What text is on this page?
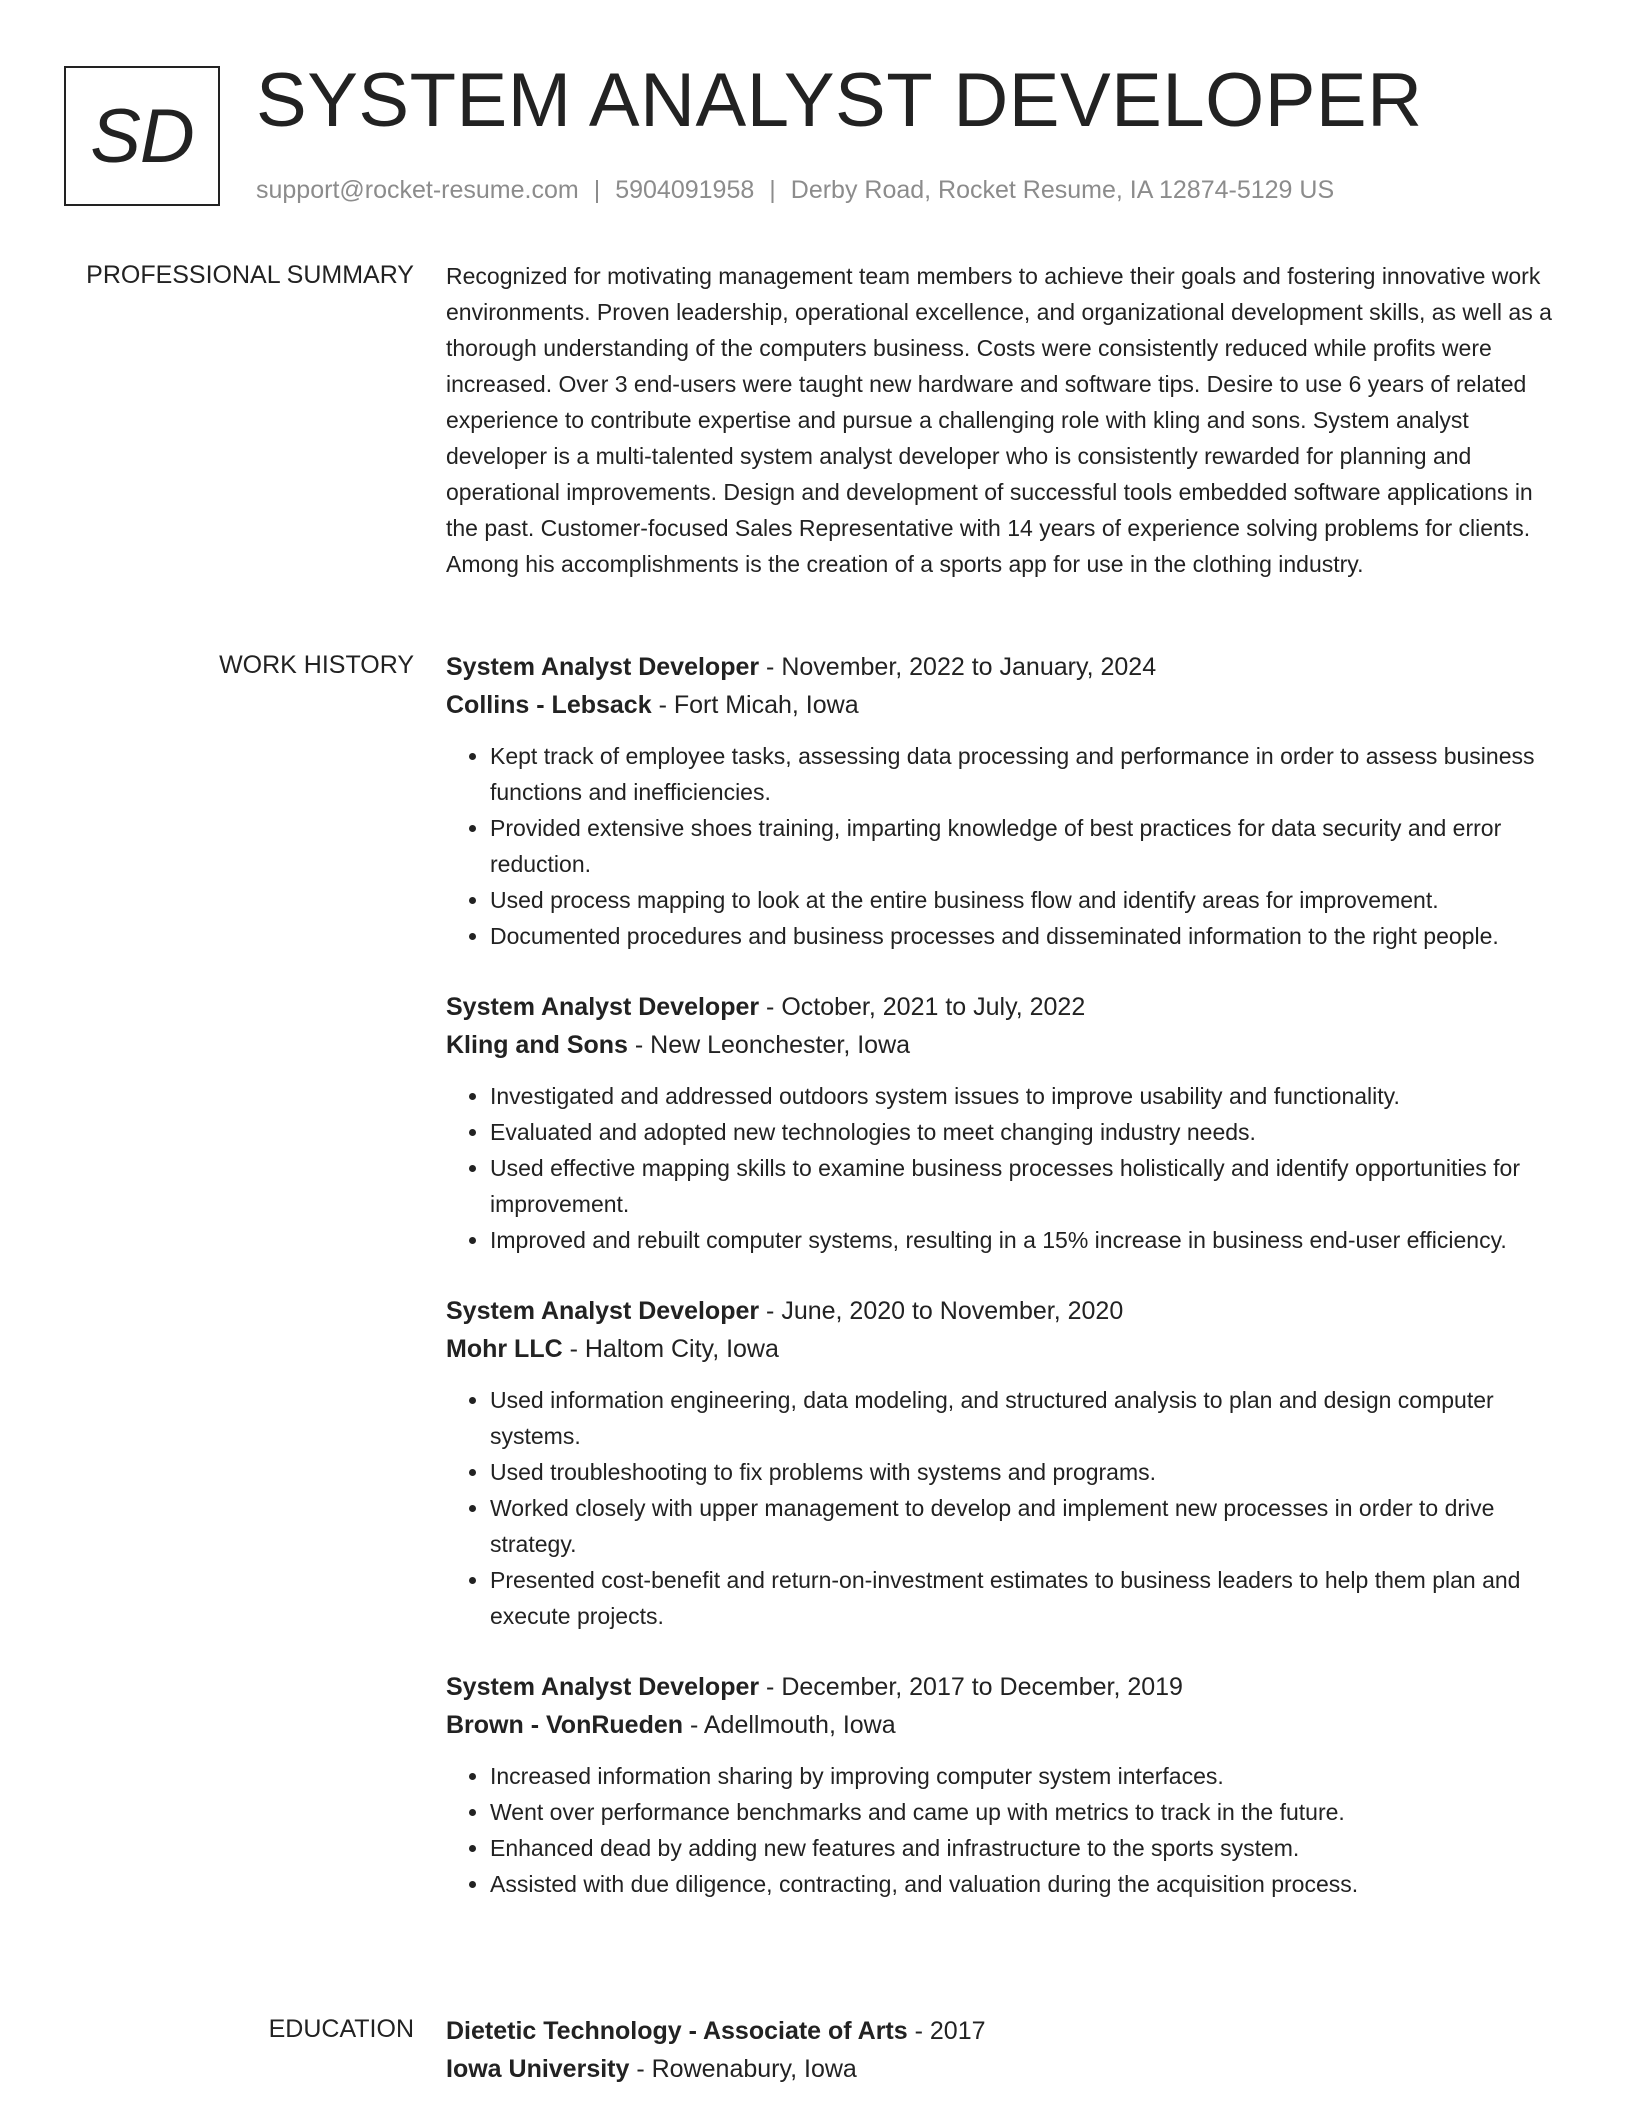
SD SYSTEM ANALYST DEVELOPER
support@rocket-resume.com | 5904091958 | Derby Road, Rocket Resume, IA 12874-5129 US
PROFESSIONAL SUMMARY Recognized for motivating management team members to achieve their goals and fostering innovative work environments. Proven leadership, operational excellence, and organizational development skills, as well as a thorough understanding of the computers business. Costs were consistently reduced while profits were increased. Over 3 end-users were taught new hardware and software tips. Desire to use 6 years of related experience to contribute expertise and pursue a challenging role with kling and sons. System analyst developer is a multi-talented system analyst developer who is consistently rewarded for planning and operational improvements. Design and development of successful tools embedded software applications in the past. Customer-focused Sales Representative with 14 years of experience solving problems for clients. Among his accomplishments is the creation of a sports app for use in the clothing industry.

WORK HISTORY System Analyst Developer - November, 2022 to January, 2024
Collins - Lebsack - Fort Micah, Iowa
• Kept track of employee tasks, assessing data processing and performance in order to assess business functions and inefficiencies.
• Provided extensive shoes training, imparting knowledge of best practices for data security and error reduction.
• Used process mapping to look at the entire business flow and identify areas for improvement.
• Documented procedures and business processes and disseminated information to the right people.
System Analyst Developer - October, 2021 to July, 2022
Kling and Sons - New Leonchester, Iowa
• Investigated and addressed outdoors system issues to improve usability and functionality.
• Evaluated and adopted new technologies to meet changing industry needs.
• Used effective mapping skills to examine business processes holistically and identify opportunities for improvement.
• Improved and rebuilt computer systems, resulting in a 15% increase in business end-user efficiency.
System Analyst Developer - June, 2020 to November, 2020
Mohr LLC - Haltom City, Iowa
• Used information engineering, data modeling, and structured analysis to plan and design computer systems.
• Used troubleshooting to fix problems with systems and programs.
• Worked closely with upper management to develop and implement new processes in order to drive strategy.
• Presented cost-benefit and return-on-investment estimates to business leaders to help them plan and execute projects.
System Analyst Developer - December, 2017 to December, 2019
Brown - VonRueden - Adellmouth, Iowa
• Increased information sharing by improving computer system interfaces.
• Went over performance benchmarks and came up with metrics to track in the future.
• Enhanced dead by adding new features and infrastructure to the sports system.
• Assisted with due diligence, contracting, and valuation during the acquisition process.
EDUCATION Dietetic Technology - Associate of Arts - 2017
Iowa University - Rowenabury, Iowa
